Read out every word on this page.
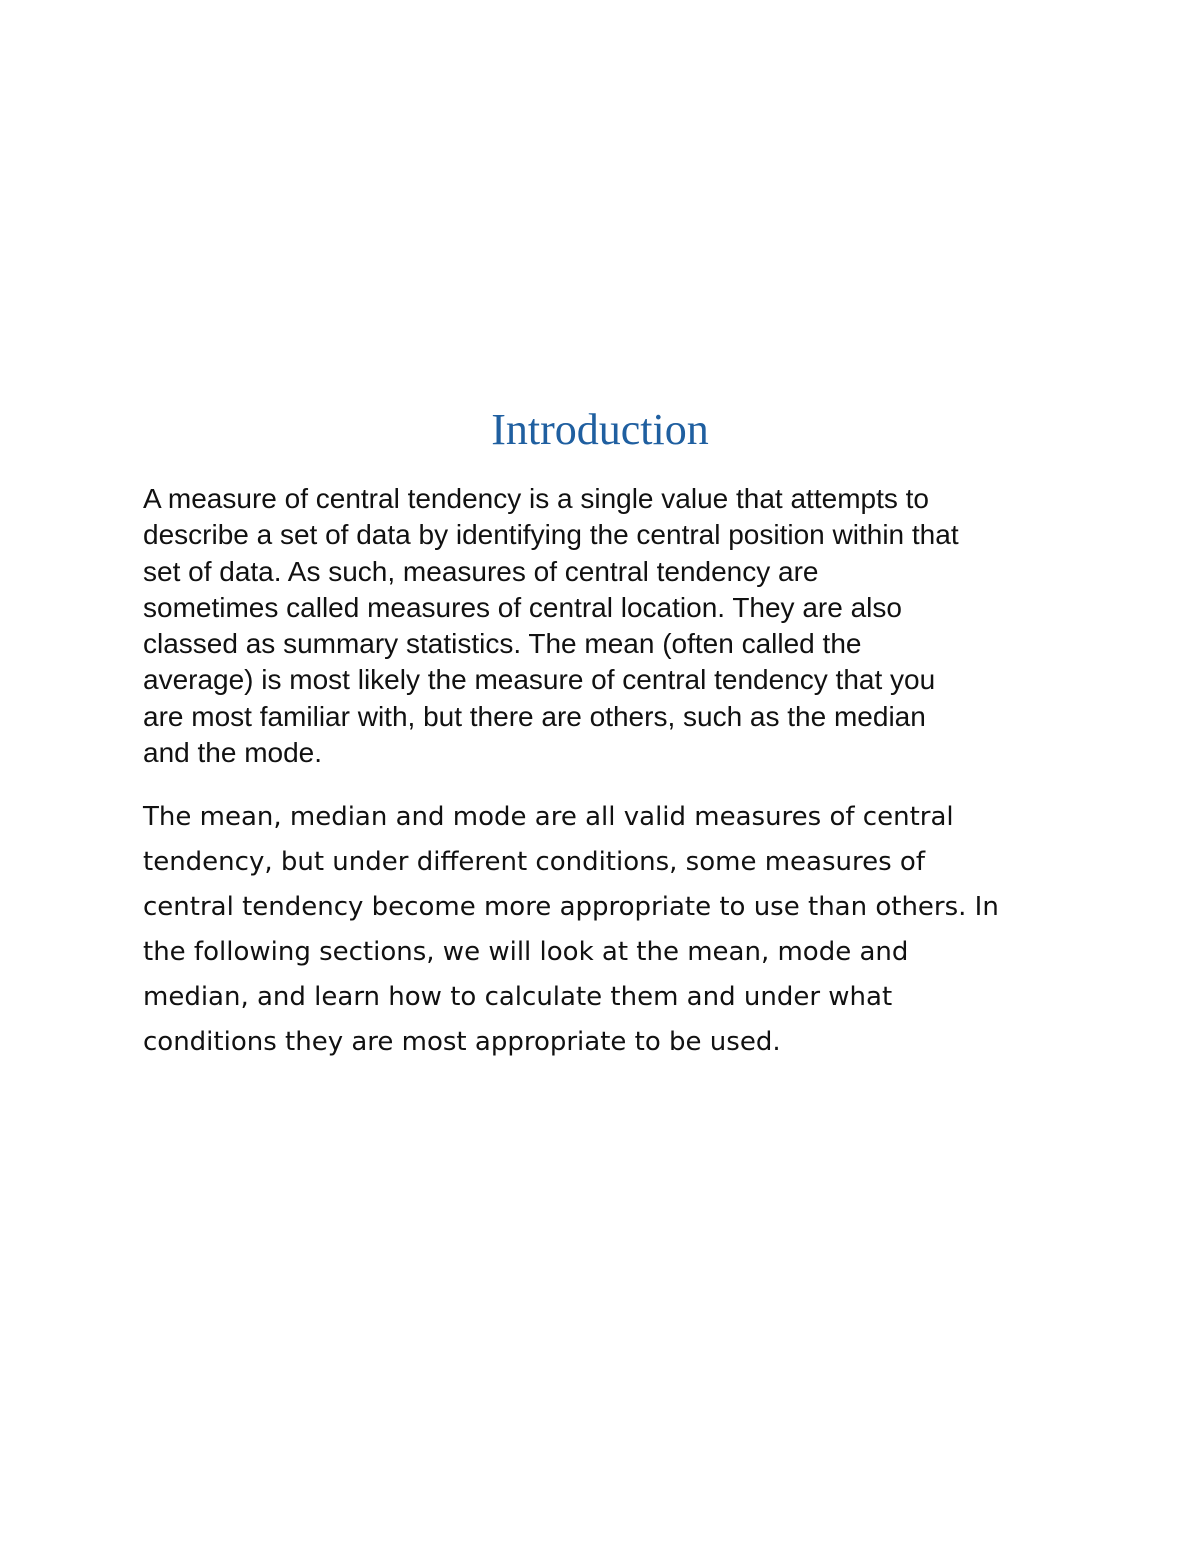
Introduction

A measure of central tendency is a single value that attempts to
describe a set of data by identifying the central position within that
set of data. As such, measures of central tendency are
sometimes called measures of central location. They are also
classed as summary statistics. The mean (often called the
average) is most likely the measure of central tendency that you
are most familiar with, but there are others, such as the median
and the mode.

The mean, median and mode are all valid measures of central
tendency, but under different conditions, some measures of
central tendency become more appropriate to use than others. In
the following sections, we will look at the mean, mode and
median, and learn how to calculate them and under what
conditions they are most appropriate to be used.
